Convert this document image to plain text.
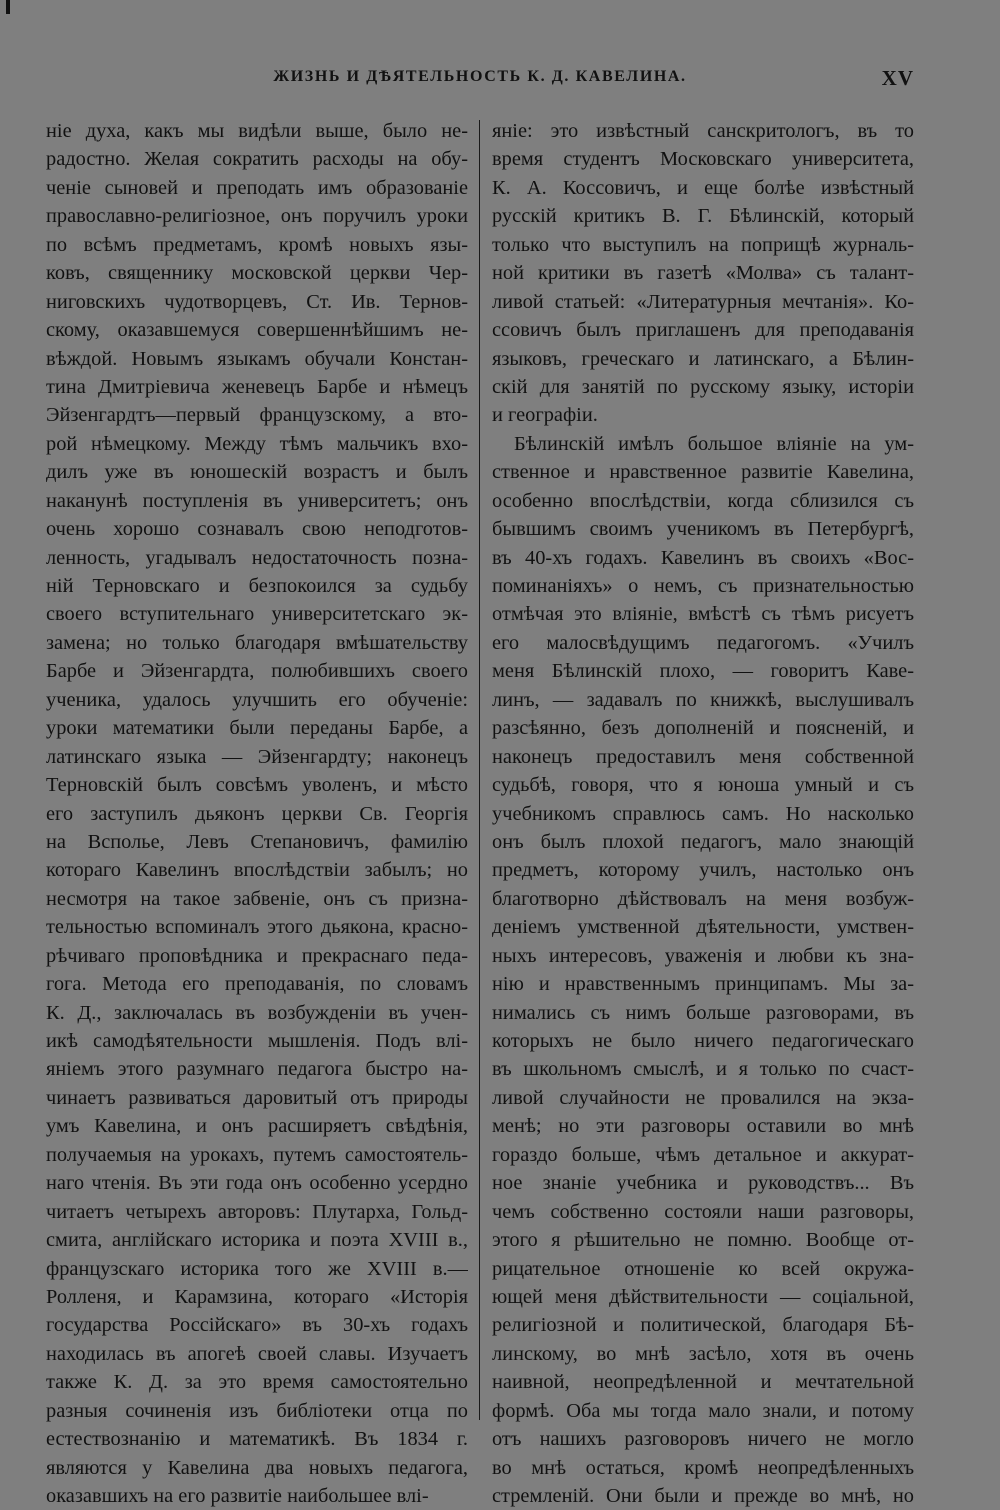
ЖИЗНЬ И ДѢЯТЕЛЬНОСТЬ К. Д. КАВЕЛИНА.	XV
ніе духа, какъ мы видѣли выше, было не-
радостно. Желая сократить расходы на обу-
ченіе сыновей и преподать имъ образованіе
православно-религіозное, онъ поручилъ уроки
по всѣмъ предметамъ, кромѣ новыхъ язы-
ковъ, священнику московской церкви Чер-
ниговскихъ чудотворцевъ, Ст. Ив. Тернов-
скому, оказавшемуся совершеннѣйшимъ не-
вѣждой. Новымъ языкамъ обучали Констан-
тина Дмитріевича женевецъ Барбе и нѣмецъ
Эйзенгардтъ—первый французскому, а вто-
рой нѣмецкому. Между тѣмъ мальчикъ вхо-
дилъ уже въ юношескій возрастъ и былъ
наканунѣ поступленія въ университетъ; онъ
очень хорошо сознавалъ свою неподготов-
ленность, угадывалъ недостаточность позна-
ній Терновскаго и безпокоился за судьбу
своего вступительнаго университетскаго эк-
замена; но только благодаря вмѣшательству
Барбе и Эйзенгардта, полюбившихъ своего
ученика, удалось улучшить его обученіе:
уроки математики были переданы Барбе, а
латинскаго языка — Эйзенгардту; наконецъ
Терновскій былъ совсѣмъ уволенъ, и мѣсто
его заступилъ дьяконъ церкви Св. Георгія
на Всполье, Левъ Степановичъ, фамилію
котораго Кавелинъ впослѣдствіи забылъ; но
несмотря на такое забвеніе, онъ съ призна-
тельностью вспоминалъ этого дьякона, красно-
рѣчиваго проповѣдника и прекраснаго педа-
гога. Метода его преподаванія, по словамъ
К. Д., заключалась въ возбужденіи въ учен-
икѣ самодѣятельности мышленія. Подъ влі-
яніемъ этого разумнаго педагога быстро на-
чинаетъ развиваться даровитый отъ природы
умъ Кавелина, и онъ расширяетъ свѣдѣнія,
получаемыя на урокахъ, путемъ самостоятель-
наго чтенія. Въ эти года онъ особенно усердно
читаетъ четырехъ авторовъ: Плутарха, Гольд-
смита, англійскаго историка и поэта XVIII в.,
французскаго историка того же XVIII в.—
Ролленя, и Карамзина, котораго «Исторія
государства Россійскаго» въ 30-хъ годахъ
находилась въ апогеѣ своей славы. Изучаетъ
также К. Д. за это время самостоятельно
разныя сочиненія изъ библіотеки отца по
естествознанію и математикѣ. Въ 1834 г.
являются у Кавелина два новыхъ педагога,
оказавшихъ на его развитіе наибольшее влі-
яніе: это извѣстный санскритологъ, въ то
время студентъ Московскаго университета,
К. А. Коссовичъ, и еще болѣе извѣстный
русскій критикъ В. Г. Бѣлинскій, который
только что выступилъ на поприщѣ журналь-
ной критики въ газетѣ «Молва» съ талант-
ливой статьей: «Литературныя мечтанія». Ко-
ссовичъ былъ приглашенъ для преподаванія
языковъ, греческаго и латинскаго, а Бѣлин-
скій для занятій по русскому языку, исторіи
и географіи.
Бѣлинскій имѣлъ большое вліяніе на ум-
ственное и нравственное развитіе Кавелина,
особенно впослѣдствіи, когда сблизился съ
бывшимъ своимъ ученикомъ въ Петербургѣ,
въ 40-хъ годахъ. Кавелинъ въ своихъ «Вос-
поминаніяхъ» о немъ, съ признательностью
отмѣчая это вліяніе, вмѣстѣ съ тѣмъ рисуетъ
его малосвѣдущимъ педагогомъ. «Училъ
меня Бѣлинскій плохо, — говоритъ Каве-
линъ, — задавалъ по книжкѣ, выслушивалъ
разсѣянно, безъ дополненій и поясненій, и
наконецъ предоставилъ меня собственной
судьбѣ, говоря, что я юноша умный и съ
учебникомъ справлюсь самъ. Но насколько
онъ былъ плохой педагогъ, мало знающій
предметъ, которому училъ, настолько онъ
благотворно дѣйствовалъ на меня возбуж-
деніемъ умственной дѣятельности, умствен-
ныхъ интересовъ, уваженія и любви къ зна-
нію и нравственнымъ принципамъ. Мы за-
нимались съ нимъ больше разговорами, въ
которыхъ не было ничего педагогическаго
въ школьномъ смыслѣ, и я только по счаст-
ливой случайности не провалился на экза-
менѣ; но эти разговоры оставили во мнѣ
гораздо больше, чѣмъ детальное и аккурат-
ное знаніе учебника и руководствъ... Въ
чемъ собственно состояли наши разговоры,
этого я рѣшительно не помню. Вообще от-
рицательное отношеніе ко всей окружа-
ющей меня дѣйствительности — соціальной,
религіозной и политической, благодаря Бѣ-
линскому, во мнѣ засѣло, хотя въ очень
наивной, неопредѣленной и мечтательной
формѣ. Оба мы тогда мало знали, и потому
отъ нашихъ разговоровъ ничего не могло
во мнѣ остаться, кромѣ неопредѣленныхъ
стремленій. Они были и прежде во мнѣ, но
